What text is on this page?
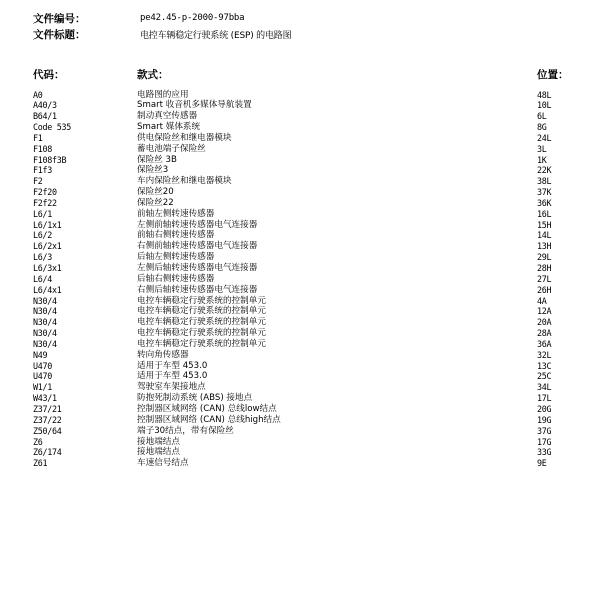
文件编号：	pe42.45-p-2000-97bba
文件标题：	电控车辆稳定行驶系统 (ESP) 的电路图
代码：	款式：	位置：
A0	电路图的应用	48L
A40/3	Smart 收音机多媒体导航装置	10L
B64/1	制动真空传感器	6L
Code 535	Smart 媒体系统	8G
F1	供电保险丝和继电器模块	24L
F108	蓄电池端子保险丝	3L
F108f3B	保险丝 3B	1K
F1f3	保险丝3	22K
F2	车内保险丝和继电器模块	38L
F2f20	保险丝20	37K
F2f22	保险丝22	36K
L6/1	前轴左侧转速传感器	16L
L6/1x1	左侧前轴转速传感器电气连接器	15H
L6/2	前轴右侧转速传感器	14L
L6/2x1	右侧前轴转速传感器电气连接器	13H
L6/3	后轴左侧转速传感器	29L
L6/3x1	左侧后轴转速传感器电气连接器	28H
L6/4	后轴右侧转速传感器	27L
L6/4x1	右侧后轴转速传感器电气连接器	26H
N30/4	电控车辆稳定行驶系统的控制单元	4A
N30/4	电控车辆稳定行驶系统的控制单元	12A
N30/4	电控车辆稳定行驶系统的控制单元	20A
N30/4	电控车辆稳定行驶系统的控制单元	28A
N30/4	电控车辆稳定行驶系统的控制单元	36A
N49	转向角传感器	32L
U470	适用于车型 453.0	13C
U470	适用于车型 453.0	25C
W1/1	驾驶室车架接地点	34L
W43/1	防抱死制动系统 (ABS) 接地点	17L
Z37/21	控制器区域网络 (CAN) 总线low结点	20G
Z37/22	控制器区域网络 (CAN) 总线high结点	19G
Z50/64	端子30结点，带有保险丝	37G
Z6	接地端结点	17G
Z6/174	接地端结点	33G
Z61	车速信号结点	9E
